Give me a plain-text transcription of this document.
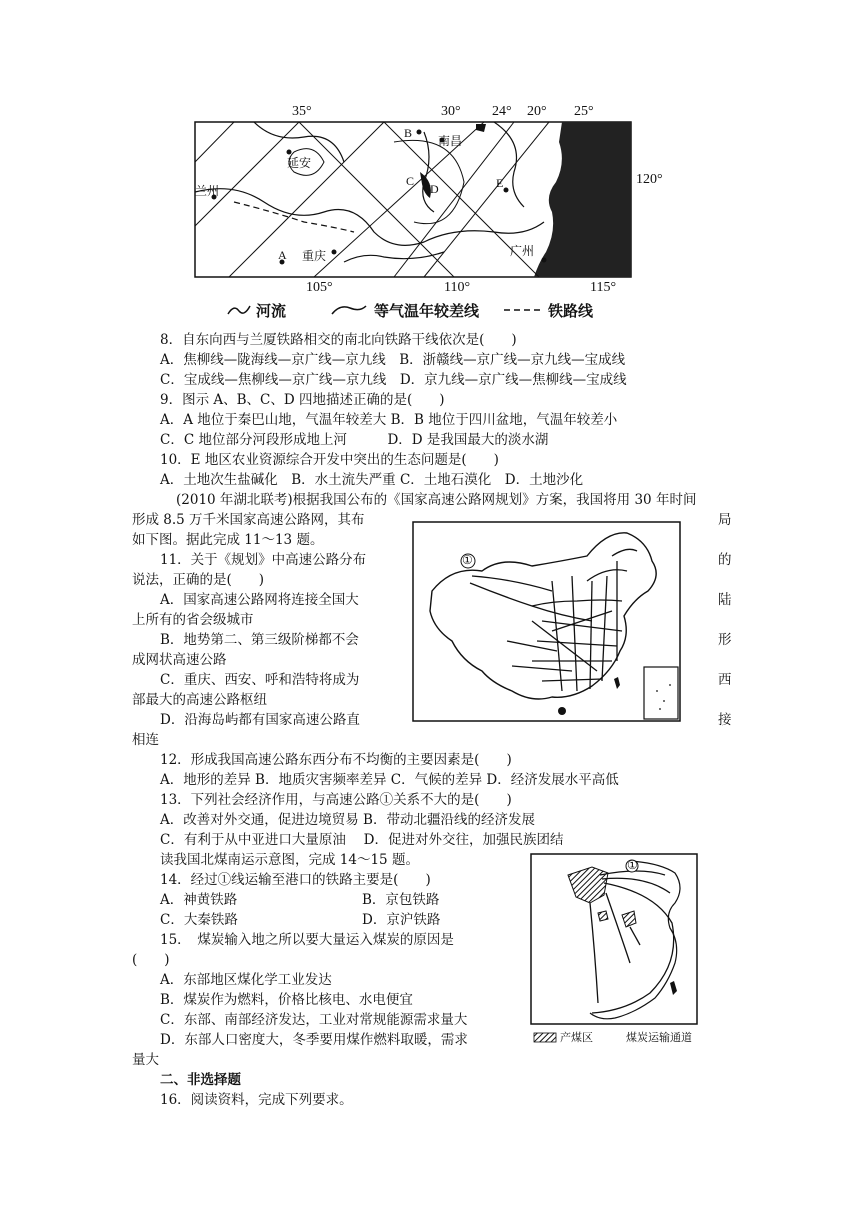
35°	30° 24° 20° 25°
延安
兰州
重庆
南昌
广州
A
B
C
D	E	120°
105°	110°	115°
河流	等气温年较差线	铁路线
8．自东向西与兰厦铁路相交的南北向铁路干线依次是(　　)
A．焦柳线—陇海线—京广线—京九线　B．浙赣线—京广线—京九线—宝成线
C．宝成线—焦柳线—京广线—京九线　D．京九线—京广线—焦柳线—宝成线
9．图示 A、B、C、D 四地描述正确的是(　　)
A．A 地位于秦巴山地，气温年较差大 B．B 地位于四川盆地，气温年较差小
C．C 地位部分河段形成地上河　　　D．D 是我国最大的淡水湖
10．E 地区农业资源综合开发中突出的生态问题是(　　)
A．土地次生盐碱化　B．水土流失严重 C．土地石漠化　D．土地沙化
(2010 年湖北联考)根据我国公布的《国家高速公路网规划》方案，我国将用 30 年时间
形成 8.5 万千米国家高速公路网，其布	局
如下图。据此完成 11～13 题。
①
11．关于《规划》中高速公路分布	的
说法，正确的是(　　)
A．国家高速公路网将连接全国大	陆
上所有的省会级城市
B．地势第二、第三级阶梯都不会	形
成网状高速公路
C．重庆、西安、呼和浩特将成为	西
部最大的高速公路枢纽
D．沿海岛屿都有国家高速公路直	接
相连
12．形成我国高速公路东西分布不均衡的主要因素是(　　)
A．地形的差异 B．地质灾害频率差异 C．气候的差异 D．经济发展水平高低
13．下列社会经济作用，与高速公路①关系不大的是(　　)
A．改善对外交通，促进边境贸易 B．带动北疆沿线的经济发展
C．有利于从中亚进口大量原油　 D．促进对外交往，加强民族团结
读我国北煤南运示意图，完成 14～15 题。	①
产煤区	煤炭运输通道
14．经过①线运输至港口的铁路主要是(　　)
A．神黄铁路	B．京包铁路
C．大秦铁路	D．京沪铁路
15．　煤炭输入地之所以要大量运入煤炭的原因是
(　　)
A．东部地区煤化学工业发达
B．煤炭作为燃料，价格比核电、水电便宜
C．东部、南部经济发达，工业对常规能源需求量大
D．东部人口密度大，冬季要用煤作燃料取暖，需求
量大
二、非选择题
16．阅读资料，完成下列要求。
